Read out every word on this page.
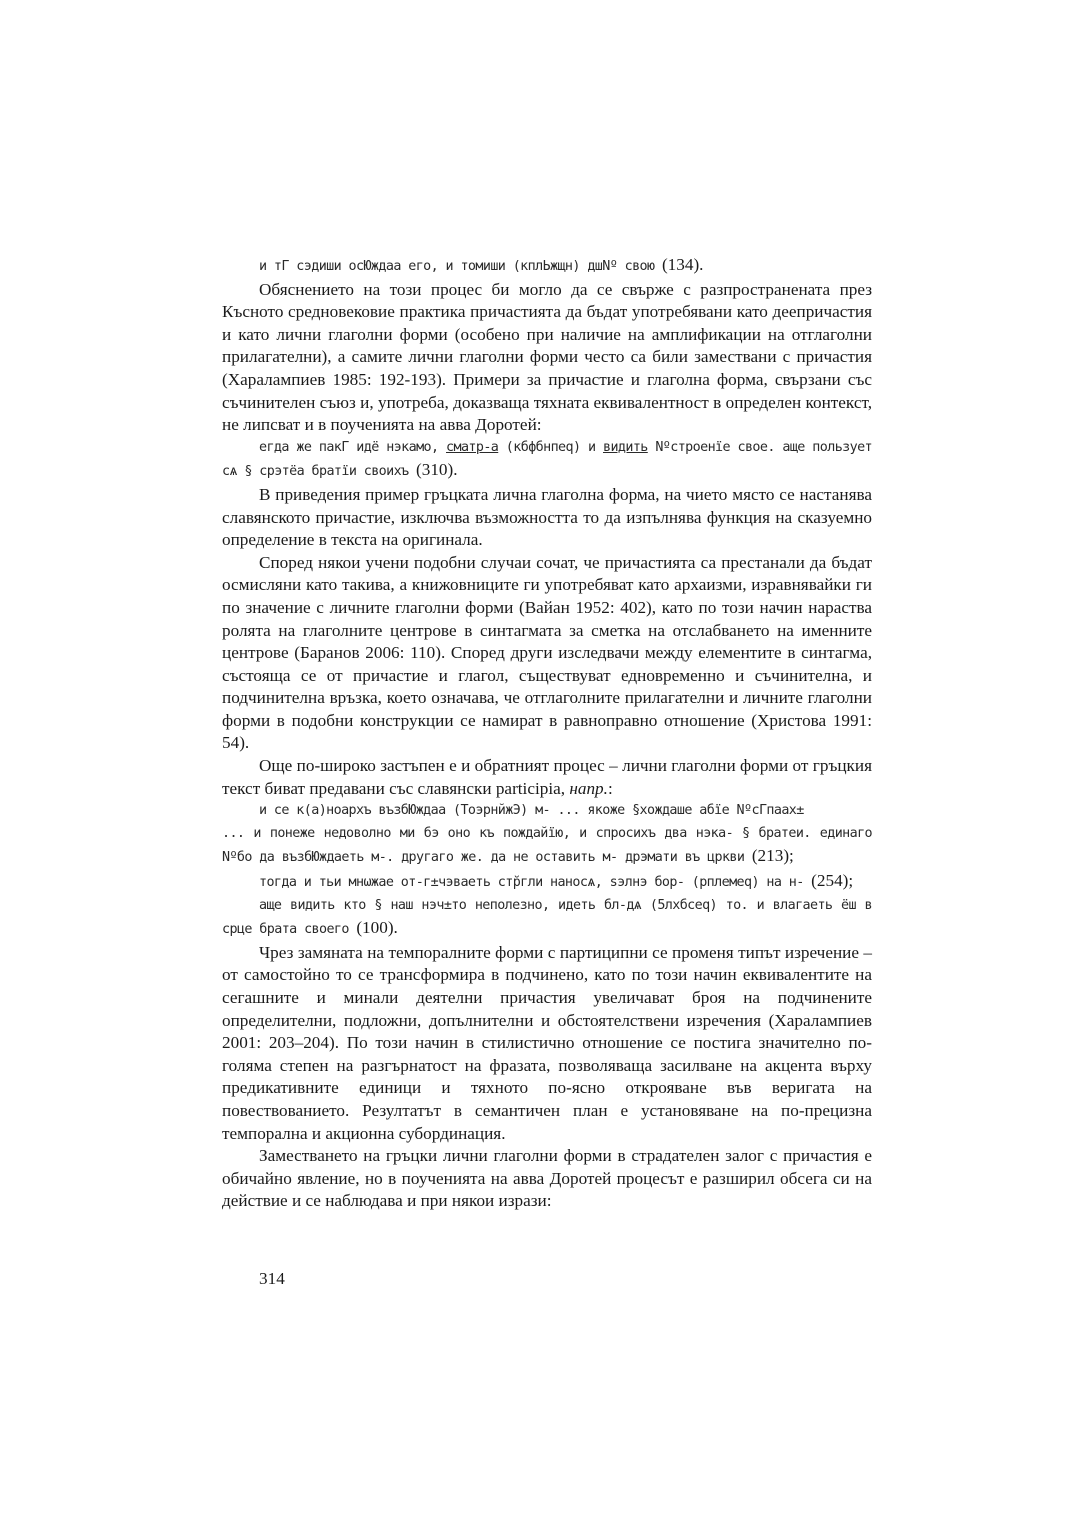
и тГ сэдиши осЮждаа его, и томиши (кплЬжщн) дшNº свою (134).

Обяснението на този процес би могло да се свърже с разпространената през Късното средновековие практика причастията да бъдат употребявани като деепричастия и като лични глаголни форми (особено при наличие на амплификации на отглаголни прилагателни), а самите лични глаголни форми често са били замествани с причастия (Харалампиев 1985: 192-193). Примери за причастие и глаголна форма, свързани със съчинителен съюз и, употреба, доказваща тяхната еквивалентност в определен контекст, не липсват и в поученията на авва Доротей:

егда же пакГ идё нэкамо, сматр-а (кбфбнпеq) и видить Nºстроенїе свое. аще пользует сѧ § срэтёа братїи своихъ (310).

В приведения пример гръцката лична глаголна форма, на чието място се настанява славянското причастие, изключва възможността то да изпълнява функция на сказуемно определение в текста на оригинала.

Според някои учени подобни случаи сочат, че причастията са престанали да бъдат осмисляни като такива, а книжовниците ги употребяват като архаизми, изравнявайки ги по значение с личните глаголни форми (Вайан 1952: 402), като по този начин нараства ролята на глаголните центрове в синтагмата за сметка на отслабването на именните центрове (Баранов 2006: 110). Според други изследвачи между елементите в синтагма, състояща се от причастие и глагол, съществуват едновременно и съчинителна, и подчинителна връзка, което означава, че отглаголните прилагателни и личните глаголни форми в подобни конструкции се намират в равноправно отношение (Христова 1991: 54).

Още по-широко застъпен е и обратният процес – лични глаголни форми от гръцкия текст биват предавани със славянски participia, напр.:

и се к(а)ноархъ възбЮждаа (ТоэрнйжЭ) м- ... якоже §хождаше абїе NºсГпаах±

... и понеже недоволно ми бэ оно къ пождайїю, и спросихъ два нэка- § братеи. единаго Nºбо да възбЮждаеть м-. другаго же. да не оставить м- дрэмати въ цркви (213);

тогда и тьи мнωжае от-г±чэваеть стр̆гли наносѧ, sэлнэ бор- (рплемеq) на н- (254);

аще видить кто § наш нэч±то неполезно, идеть бл-дѧ (5лхбсеq) то. и влагаеть ёш в срце брата своего (100).

Чрез замяната на темпоралните форми с партиципни се променя типът изречение – от самостойно то се трансформира в подчинено, като по този начин еквивалентите на сегашните и минали деятелни причастия увеличават броя на подчинените определителни, подложни, допълнителни и обстоятелствени изречения (Харалампиев 2001: 203–204). По този начин в стилистично отношение се постига значително по-голяма степен на разгърнатост на фразата, позволяваща засилване на акцента върху предикативните единици и тяхното по-ясно открояване във веригата на повествованието. Резултатът в семантичен план е установяване на по-прецизна темпорална и акционна субординация.

Заместването на гръцки лични глаголни форми в страдателен залог с причастия е обичайно явление, но в поученията на авва Доротей процесът е разширил обсега си на действие и се наблюдава и при някои изрази:

314
